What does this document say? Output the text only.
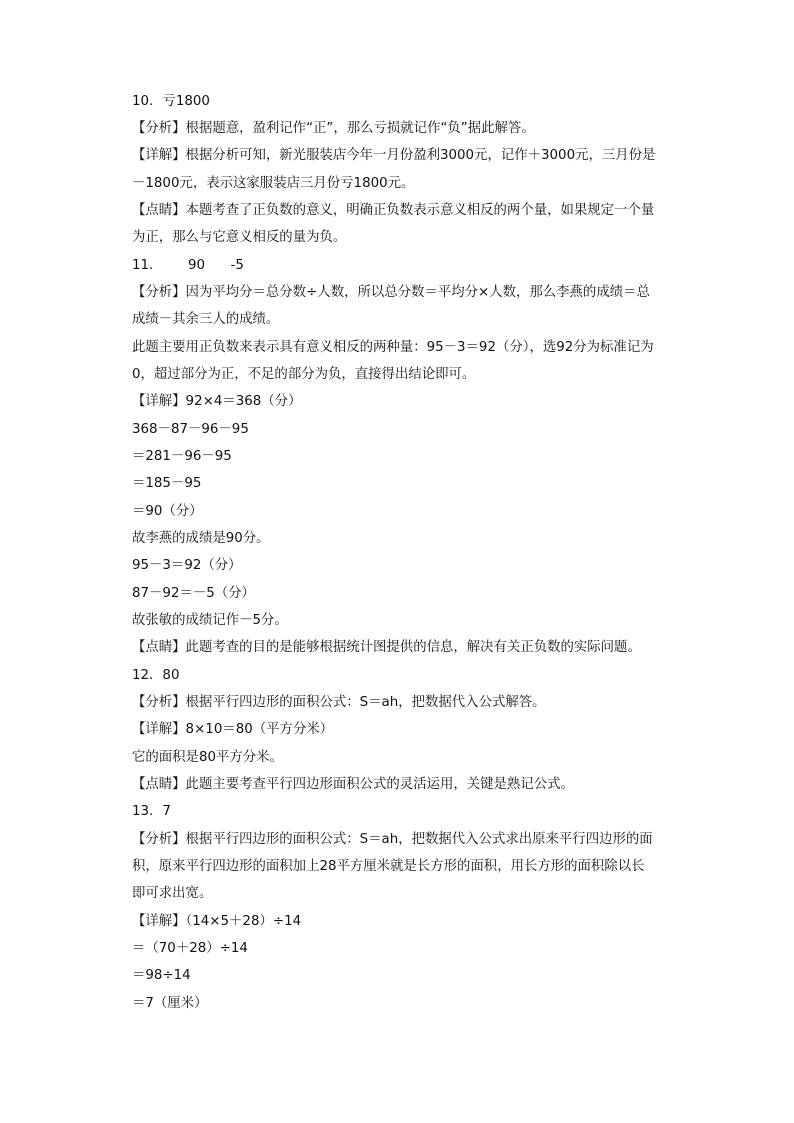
10．亏1800
【分析】根据题意，盈利记作“正”，那么亏损就记作“负”据此解答。
【详解】根据分析可知，新光服装店今年一月份盈利3000元，记作＋3000元，三月份是
－1800元，表示这家服装店三月份亏1800元。
【点睛】本题考查了正负数的意义，明确正负数表示意义相反的两个量，如果规定一个量
为正，那么与它意义相反的量为负。
11．      90      -5
【分析】因为平均分＝总分数÷人数，所以总分数＝平均分×人数，那么李燕的成绩＝总
成绩－其余三人的成绩。
此题主要用正负数来表示具有意义相反的两种量：95－3＝92（分），选92分为标准记为
0，超过部分为正，不足的部分为负，直接得出结论即可。
【详解】92×4＝368（分）
368－87－96－95
＝281－96－95
＝185－95
＝90（分）
故李燕的成绩是90分。
95－3＝92（分）
87－92＝－5（分）
故张敏的成绩记作－5分。
【点睛】此题考查的目的是能够根据统计图提供的信息，解决有关正负数的实际问题。
12．80
【分析】根据平行四边形的面积公式：S＝ah，把数据代入公式解答。
【详解】8×10＝80（平方分米）
它的面积是80平方分米。
【点睛】此题主要考查平行四边形面积公式的灵活运用，关键是熟记公式。
13．7
【分析】根据平行四边形的面积公式：S＝ah，把数据代入公式求出原来平行四边形的面
积，原来平行四边形的面积加上28平方厘米就是长方形的面积，用长方形的面积除以长
即可求出宽。
【详解】（14×5＋28）÷14
＝（70＋28）÷14
＝98÷14
＝7（厘米）
